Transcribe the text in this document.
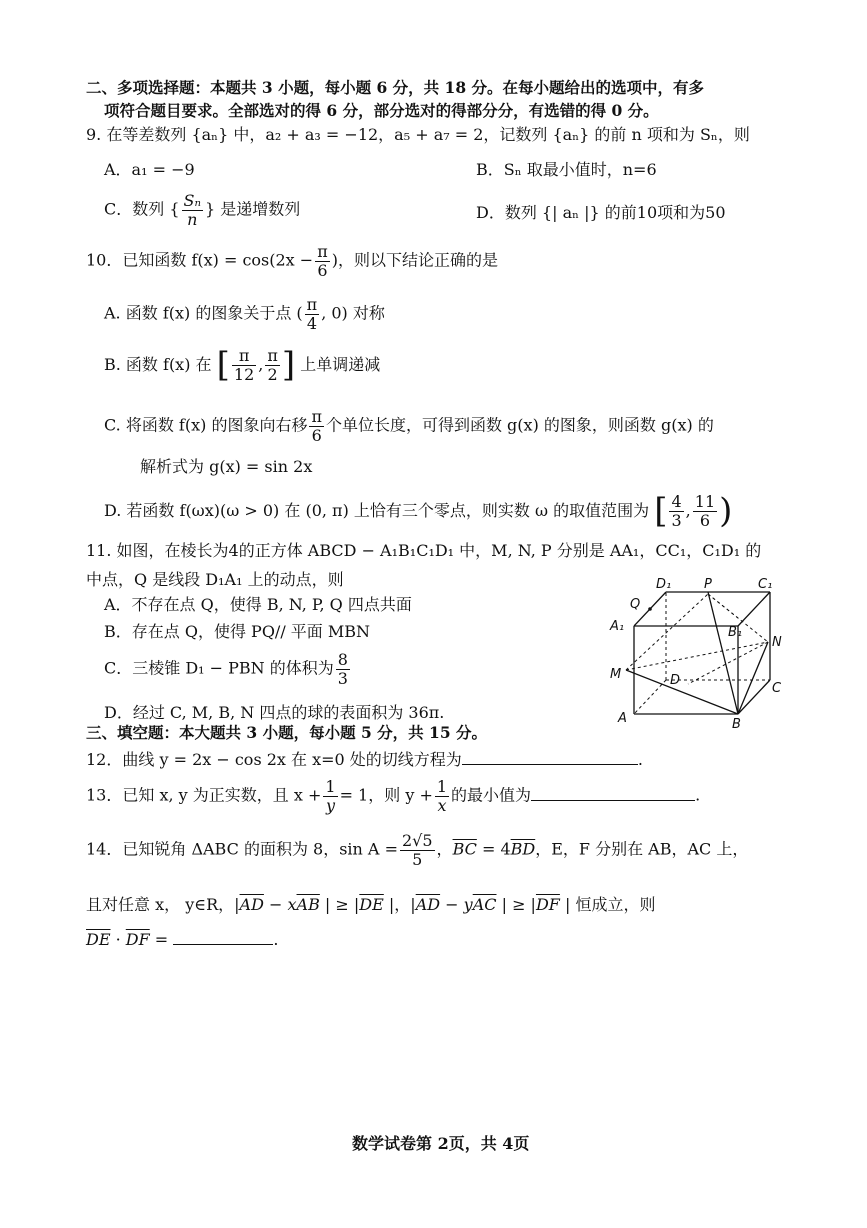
二、多项选择题：本题共 3 小题，每小题 6 分，共 18 分。在每小题给出的选项中，有多
项符合题目要求。全部选对的得 6 分，部分选对的得部分分，有选错的得 0 分。
9. 在等差数列 {aₙ} 中，a₂ + a₃ = −12，a₅ + a₇ = 2，记数列 {aₙ} 的前 n 项和为 Sₙ，则
A．a₁ = −9	B．Sₙ 取最小值时，n=6
C．数列 { $\frac{\text{Sₙ}}{n}$ } 是递增数列	D．数列 {| aₙ |} 的前10项和为50
10．已知函数 $f(x) = \cos(2x - \frac{\pi}{6}$ )，则以下结论正确的是
A. 函数 f(x) 的图象关于点 ( $\frac{\pi}{4}$ , 0) 对称
B. 函数 f(x) 在 [ $\frac{\pi}{12}$ , $\frac{\pi}{2}$ ] 上单调递减
C. 将函数 f(x) 的图象向右移 $\frac{\pi}{6}$ 个单位长度，可得到函数 g(x) 的图象，则函数 g(x) 的
解析式为 g(x) = sin 2x
D. 若函数 f(ωx)(ω > 0) 在 (0, π) 上恰有三个零点，则实数 ω 的取值范围为 [ $\frac{4}{3}$ , $\frac{11}{6}$ )
11. 如图，在棱长为4的正方体 ABCD − A₁B₁C₁D₁ 中，M, N, P 分别是 AA₁，CC₁，C₁D₁ 的
中点，Q 是线段 D₁A₁ 上的动点，则
A．不存在点 Q，使得 B, N, P, Q 四点共面
B．存在点 Q，使得 PQ// 平面 MBN
C．三棱锥 D₁ − PBN 的体积为 $\frac{8}{3}$
D．经过 C, M, B, N 四点的球的表面积为 36π.
D₁	P	C₁
Q
A₁	B₁
N
M	D
C
A	B
三、填空题：本大题共 3 小题，每小题 5 分，共 15 分。
12．曲线 y = 2x − cos 2x 在 x=0 处的切线方程为	.
13．已知 x, y 为正实数，且 $x + \frac{1}{y} = 1$，则 $y + \frac{1}{x}$ 的最小值为	.
14．已知锐角 ΔABC 的面积为 8，$\sin A = \frac{2√5}{5}$ ，$\overline{BC} = 4\overline{BD}$，E，F 分别在 AB，AC 上，
且对任意 x， y∈R，$|\overline{AD} - x\overline{AB}$ | ≥ $|\overline{DE}$ |，$|\overline{AD} - y\overline{AC}$ | ≥ $|\overline{DF}$ | 恒成立，则
$\overline{DE} \cdot \overline{DF}$ =	.
数学试卷第 2页，共 4页
